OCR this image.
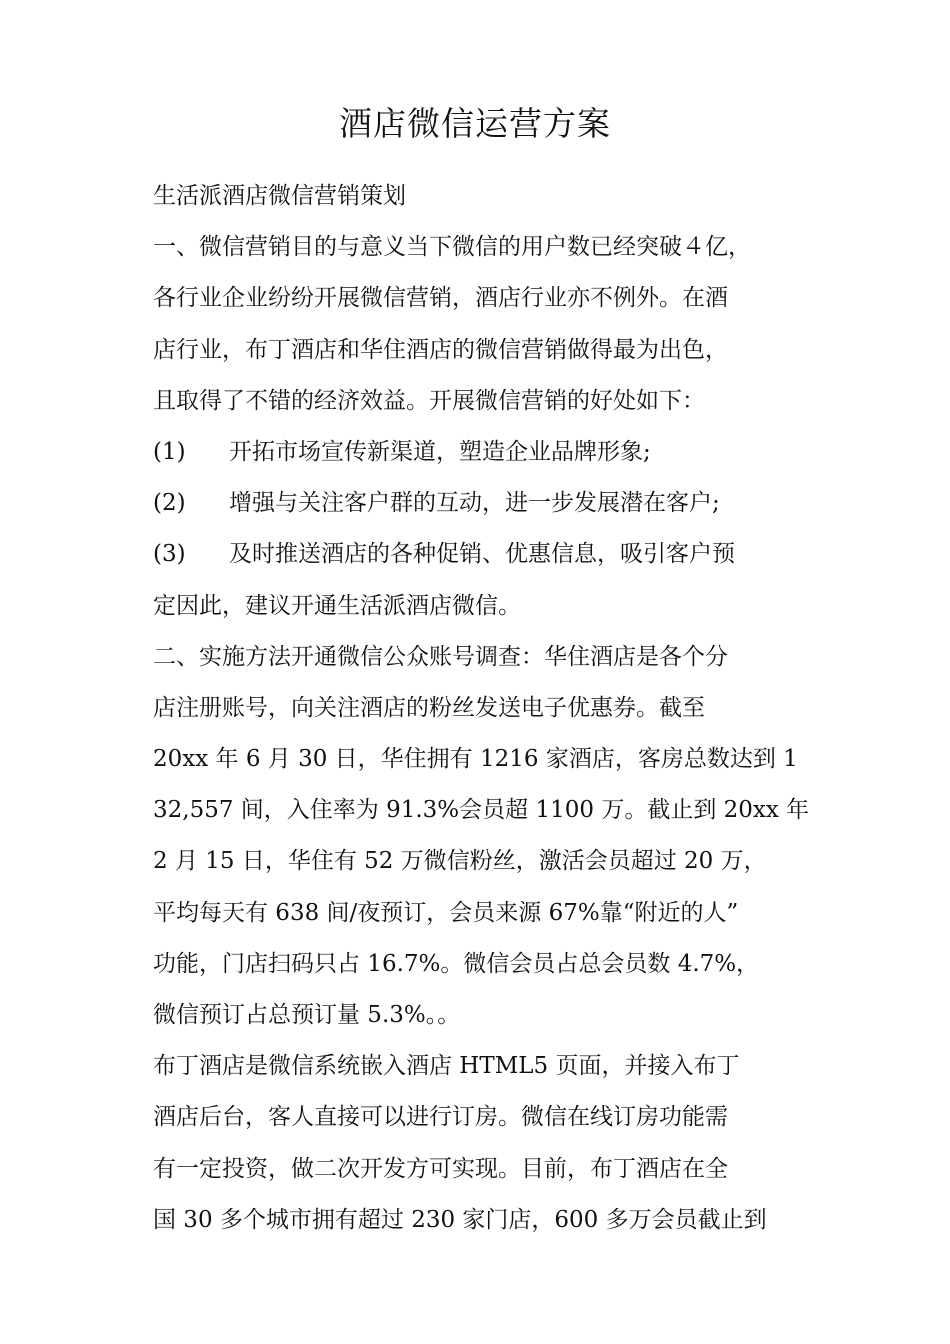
酒店微信运营方案
生活派酒店微信营销策划
一、微信营销目的与意义当下微信的用户数已经突破４亿，
各行业企业纷纷开展微信营销，酒店行业亦不例外。在酒
店行业，布丁酒店和华住酒店的微信营销做得最为出色，
且取得了不错的经济效益。开展微信营销的好处如下：
(1) 开拓市场宣传新渠道，塑造企业品牌形象;
(2) 增强与关注客户群的互动，进一步发展潜在客户;
(3) 及时推送酒店的各种促销、优惠信息，吸引客户预
定因此，建议开通生活派酒店微信。
二、实施方法开通微信公众账号调查：华住酒店是各个分
店注册账号，向关注酒店的粉丝发送电子优惠券。截至
20xx 年 6 月 30 日，华住拥有 1216 家酒店，客房总数达到 1
32,557 间，入住率为 91.3%会员超 1100 万。截止到 20xx 年
2 月 15 日，华住有 52 万微信粉丝，激活会员超过 20 万，
平均每天有 638 间/夜预订，会员来源 67%靠“附近的人”
功能，门店扫码只占 16.7%。微信会员占总会员数 4.7%，
微信预订占总预订量 5.3%。。
布丁酒店是微信系统嵌入酒店 HTML5 页面，并接入布丁
酒店后台，客人直接可以进行订房。微信在线订房功能需
有一定投资，做二次开发方可实现。目前，布丁酒店在全
国 30 多个城市拥有超过 230 家门店，600 多万会员截止到
